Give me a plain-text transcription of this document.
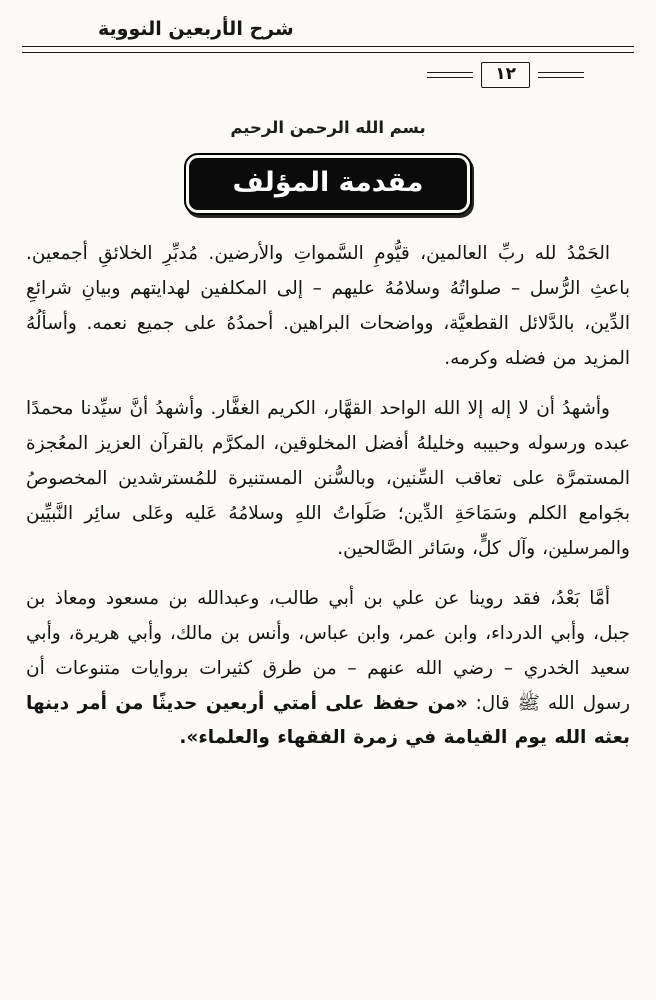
شرح الأربعين النووية
١٢
بسم الله الرحمن الرحيم
مقدمة المؤلف

الحَمْدُ لله ربِّ العالمين، قيُّومِ السَّمواتِ والأرضين. مُدبِّرِ الخلائقِ أجمعين. باعثِ الرُّسل – صلواتُهُ وسلامُهُ عليهم – إلى المكلفين لهدايتهم وبيانِ شرائعِ الدِّين، بالدَّلائل القطعيَّة، وواضحات البراهين. أحمدُهُ على جميع نعمه. وأسألُهُ المزيد من فضله وكرمه.

وأشهدُ أن لا إله إلا الله الواحد القهَّار، الكريم الغفَّار. وأشهدُ أنَّ سيِّدنا محمدًا عبده ورسوله وحبيبه وخليلهُ أفضل المخلوقين، المكرَّم بالقرآن العزيز المعُجزة المستمرَّة على تعاقب السِّنين، وبالسُّنن المستنيرة للمُسترشدين المخصوصُ بجَوامع الكلم وسَمَاحَةِ الدِّين؛ صَلَواتُ اللهِ وسلامُهُ عَليه وعَلى سائِر النَّبيِّين والمرسلين، وآل كلٍّ، وسَائر الصَّالحين.

أمَّا بَعْدُ، فقد روينا عن علي بن أبي طالب، وعبدالله بن مسعود ومعاذ بن جبل، وأبي الدرداء، وابن عمر، وابن عباس، وأنس بن مالك، وأبي هريرة، وأبي سعيد الخدري – رضي الله عنهم – من طرق كثيرات بروايات متنوعات أن رسول الله ﷺ قال: «من حفظ على أمتي أربعين حديثًا من أمر دينها بعثه الله يوم القيامة في زمرة الفقهاء والعلماء».
